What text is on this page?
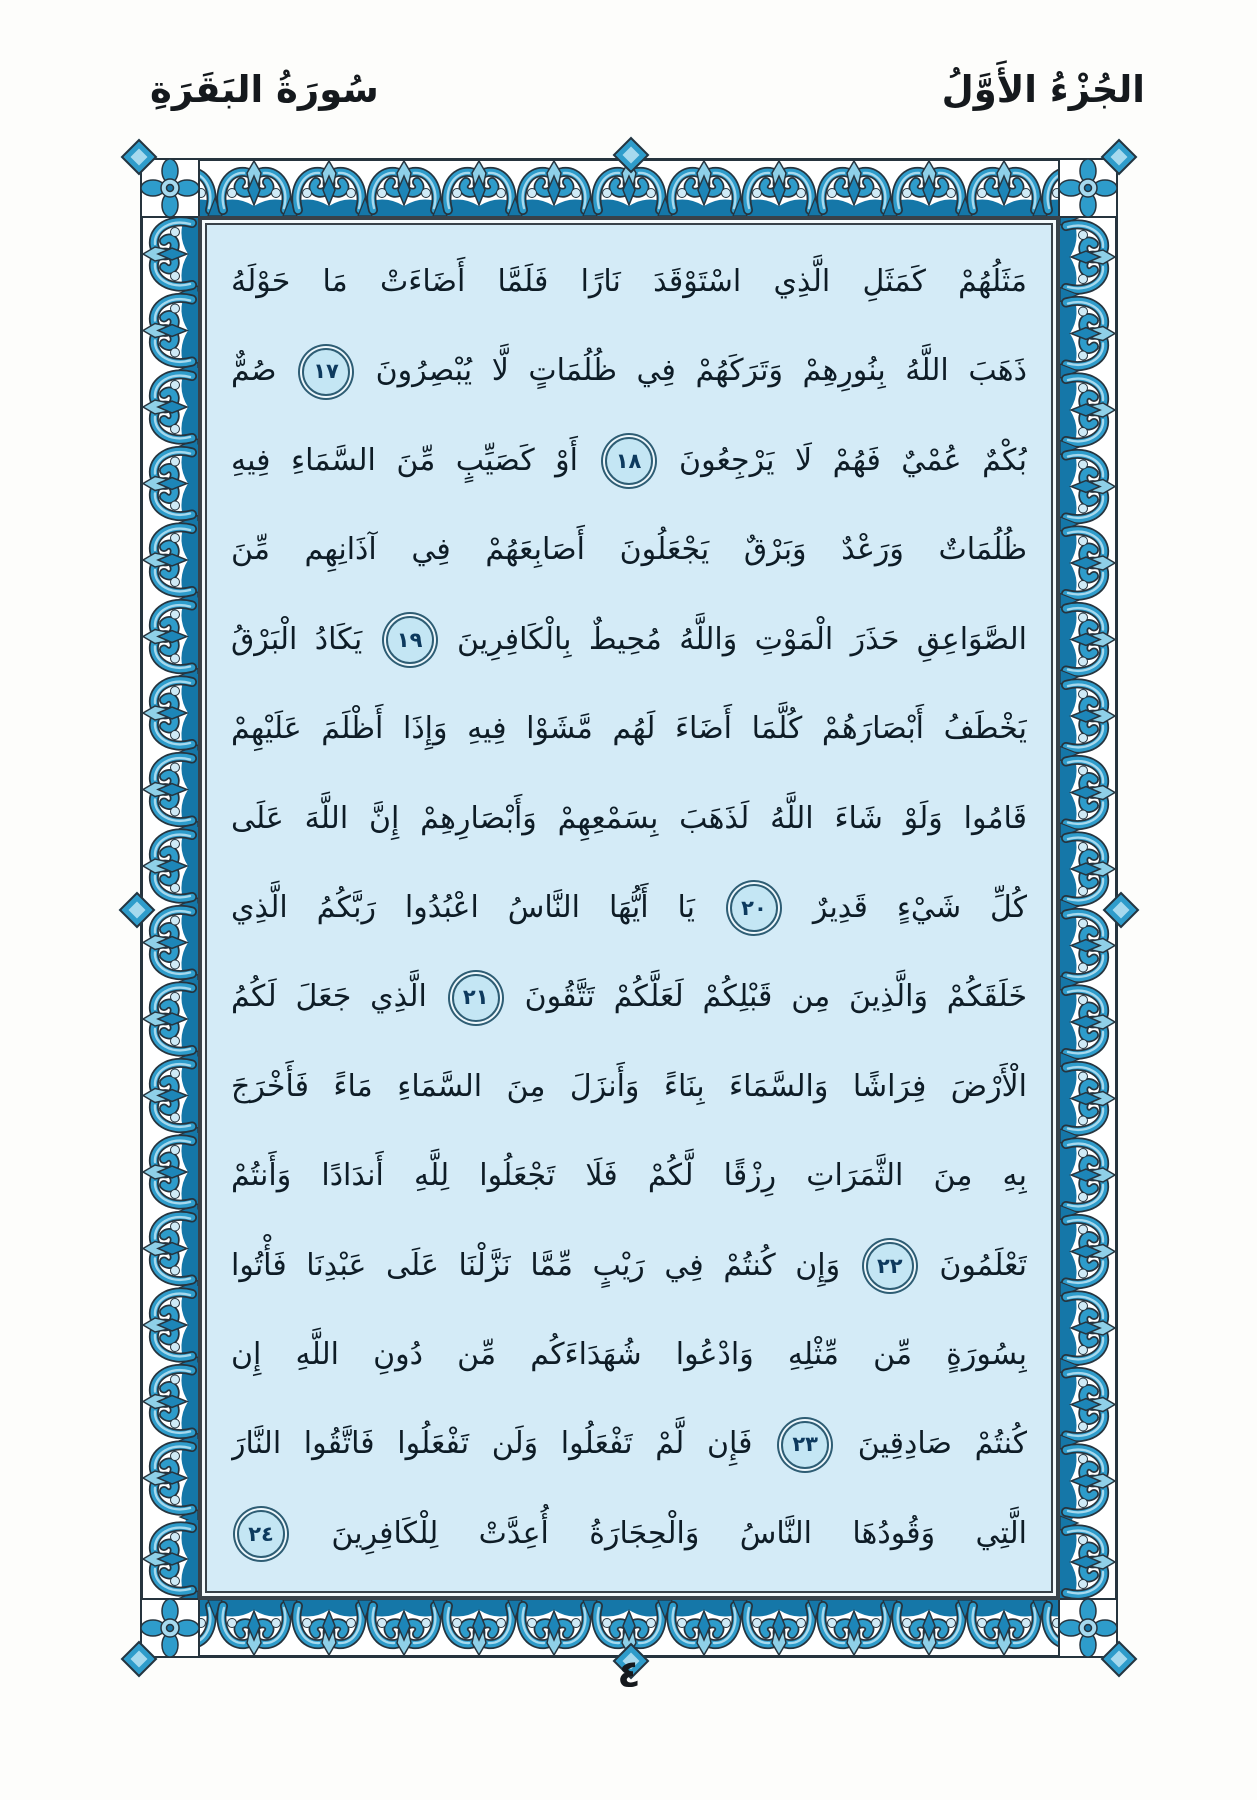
سُورَةُ البَقَرَةِ	الجُزْءُ الأَوَّلُ
مَثَلُهُمْ كَمَثَلِ الَّذِي اسْتَوْقَدَ نَارًا فَلَمَّا أَضَاءَتْ مَا حَوْلَهُ
ذَهَبَ اللَّهُ بِنُورِهِمْ وَتَرَكَهُمْ فِي ظُلُمَاتٍ لَّا يُبْصِرُونَ ١٧ صُمٌّ
بُكْمٌ عُمْيٌ فَهُمْ لَا يَرْجِعُونَ ١٨ أَوْ كَصَيِّبٍ مِّنَ السَّمَاءِ فِيهِ
ظُلُمَاتٌ وَرَعْدٌ وَبَرْقٌ يَجْعَلُونَ أَصَابِعَهُمْ فِي آذَانِهِم مِّنَ
الصَّوَاعِقِ حَذَرَ الْمَوْتِ وَاللَّهُ مُحِيطٌ بِالْكَافِرِينَ ١٩ يَكَادُ الْبَرْقُ
يَخْطَفُ أَبْصَارَهُمْ كُلَّمَا أَضَاءَ لَهُم مَّشَوْا فِيهِ وَإِذَا أَظْلَمَ عَلَيْهِمْ
قَامُوا وَلَوْ شَاءَ اللَّهُ لَذَهَبَ بِسَمْعِهِمْ وَأَبْصَارِهِمْ إِنَّ اللَّهَ عَلَى
كُلِّ شَيْءٍ قَدِيرٌ ٢٠ يَا أَيُّهَا النَّاسُ اعْبُدُوا رَبَّكُمُ الَّذِي
خَلَقَكُمْ وَالَّذِينَ مِن قَبْلِكُمْ لَعَلَّكُمْ تَتَّقُونَ ٢١ الَّذِي جَعَلَ لَكُمُ
الْأَرْضَ فِرَاشًا وَالسَّمَاءَ بِنَاءً وَأَنزَلَ مِنَ السَّمَاءِ مَاءً فَأَخْرَجَ
بِهِ مِنَ الثَّمَرَاتِ رِزْقًا لَّكُمْ فَلَا تَجْعَلُوا لِلَّهِ أَندَادًا وَأَنتُمْ
تَعْلَمُونَ ٢٢ وَإِن كُنتُمْ فِي رَيْبٍ مِّمَّا نَزَّلْنَا عَلَى عَبْدِنَا فَأْتُوا
بِسُورَةٍ مِّن مِّثْلِهِ وَادْعُوا شُهَدَاءَكُم مِّن دُونِ اللَّهِ إِن
كُنتُمْ صَادِقِينَ ٢٣ فَإِن لَّمْ تَفْعَلُوا وَلَن تَفْعَلُوا فَاتَّقُوا النَّارَ
الَّتِي وَقُودُهَا النَّاسُ وَالْحِجَارَةُ أُعِدَّتْ لِلْكَافِرِينَ ٢٤
٤
